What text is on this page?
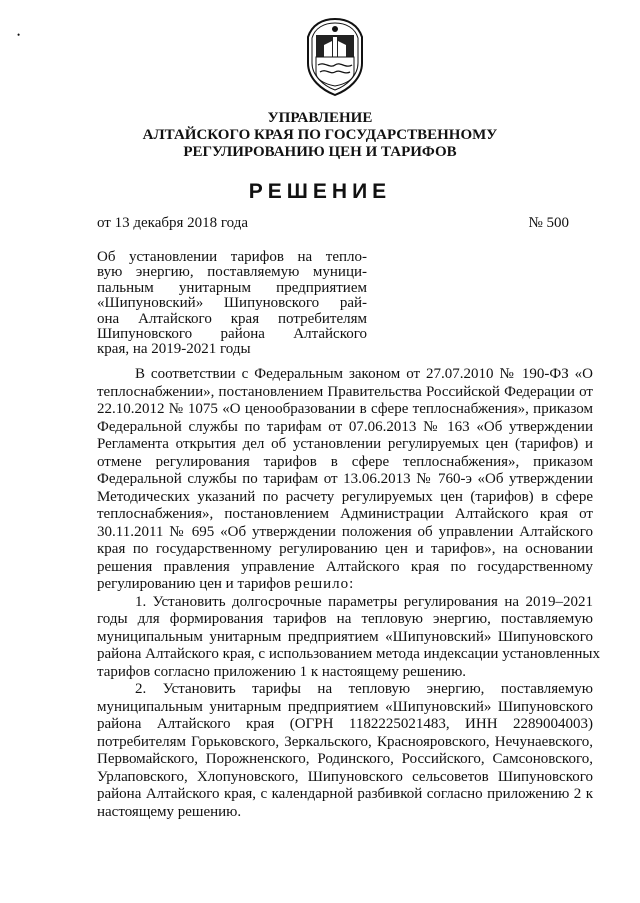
•
УПРАВЛЕНИЕ
АЛТАЙСКОГО КРАЯ ПО ГОСУДАРСТВЕННОМУ
РЕГУЛИРОВАНИЮ ЦЕН И ТАРИФОВ
РЕШЕНИЕ
от 13 декабря 2018 года	№ 500
Об установлении тарифов на тепло-
вую энергию, поставляемую муници-
пальным унитарным предприятием
«Шипуновский» Шипуновского рай-
она Алтайского края потребителям
Шипуновского района Алтайского
края, на 2019-2021 годы
В соответствии с Федеральным законом от 27.07.2010 № 190-ФЗ «О
теплоснабжении», постановлением Правительства Российской Федерации от
22.10.2012 № 1075 «О ценообразовании в сфере теплоснабжения», приказом
Федеральной службы по тарифам от 07.06.2013 № 163 «Об утверждении
Регламента открытия дел об установлении регулируемых цен (тарифов) и
отмене регулирования тарифов в сфере теплоснабжения», приказом
Федеральной службы по тарифам от 13.06.2013 № 760-э «Об утверждении
Методических указаний по расчету регулируемых цен (тарифов) в сфере
теплоснабжения», постановлением Администрации Алтайского края от
30.11.2011 № 695 «Об утверждении положения об управлении Алтайского
края по государственному регулированию цен и тарифов», на основании
решения правления управление Алтайского края по государственному
регулированию цен и тарифов решило:
1. Установить долгосрочные параметры регулирования на 2019–2021
годы для формирования тарифов на тепловую энергию, поставляемую
муниципальным унитарным предприятием «Шипуновский» Шипуновского
района Алтайского края, с использованием метода индексации установленных
тарифов согласно приложению 1 к настоящему решению.
2. Установить тарифы на тепловую энергию, поставляемую
муниципальным унитарным предприятием «Шипуновский» Шипуновского
района Алтайского края (ОГРН 1182225021483, ИНН 2289004003)
потребителям Горьковского, Зеркальского, Краснояровского, Нечунаевского,
Первомайского, Порожненского, Родинского, Российского, Самсоновского,
Урлаповского, Хлопуновского, Шипуновского сельсоветов Шипуновского
района Алтайского края, с календарной разбивкой согласно приложению 2 к
настоящему решению.
